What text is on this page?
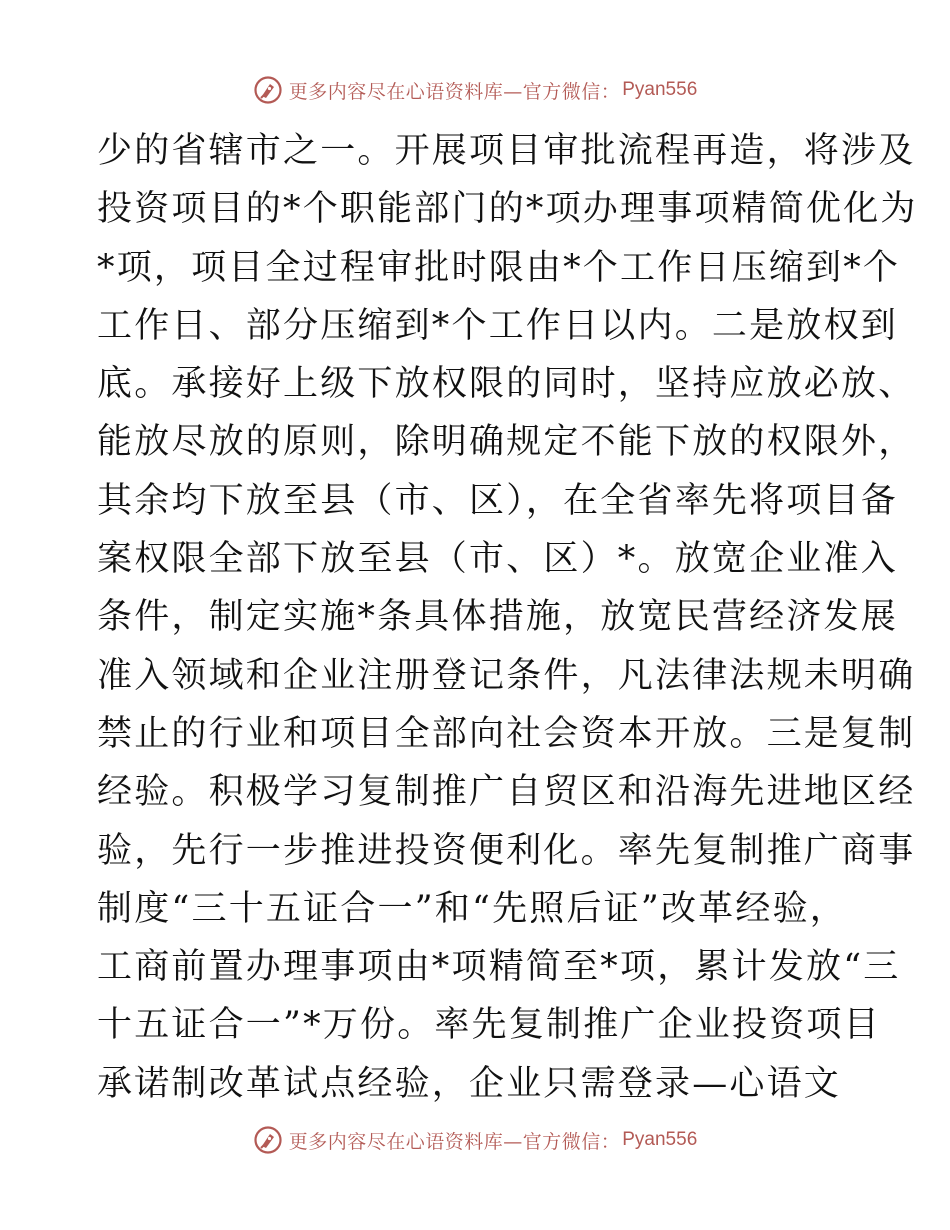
更多内容尽在心语资料库—官方微信： Pyan556
少的省辖市之一。开展项目审批流程再造，将涉及
投资项目的*个职能部门的*项办理事项精简优化为
*项，项目全过程审批时限由*个工作日压缩到*个
工作日、部分压缩到*个工作日以内。二是放权到
底。承接好上级下放权限的同时，坚持应放必放、
能放尽放的原则，除明确规定不能下放的权限外，
其余均下放至县（市、区），在全省率先将项目备
案权限全部下放至县（市、区）*。放宽企业准入
条件，制定实施*条具体措施，放宽民营经济发展
准入领域和企业注册登记条件，凡法律法规未明确
禁止的行业和项目全部向社会资本开放。三是复制
经验。积极学习复制推广自贸区和沿海先进地区经
验，先行一步推进投资便利化。率先复制推广商事
制度“三十五证合一”和“先照后证”改革经验，
工商前置办理事项由*项精简至*项，累计发放“三
十五证合一”*万份。率先复制推广企业投资项目
承诺制改革试点经验，企业只需登录—心语文
更多内容尽在心语资料库—官方微信： Pyan556
